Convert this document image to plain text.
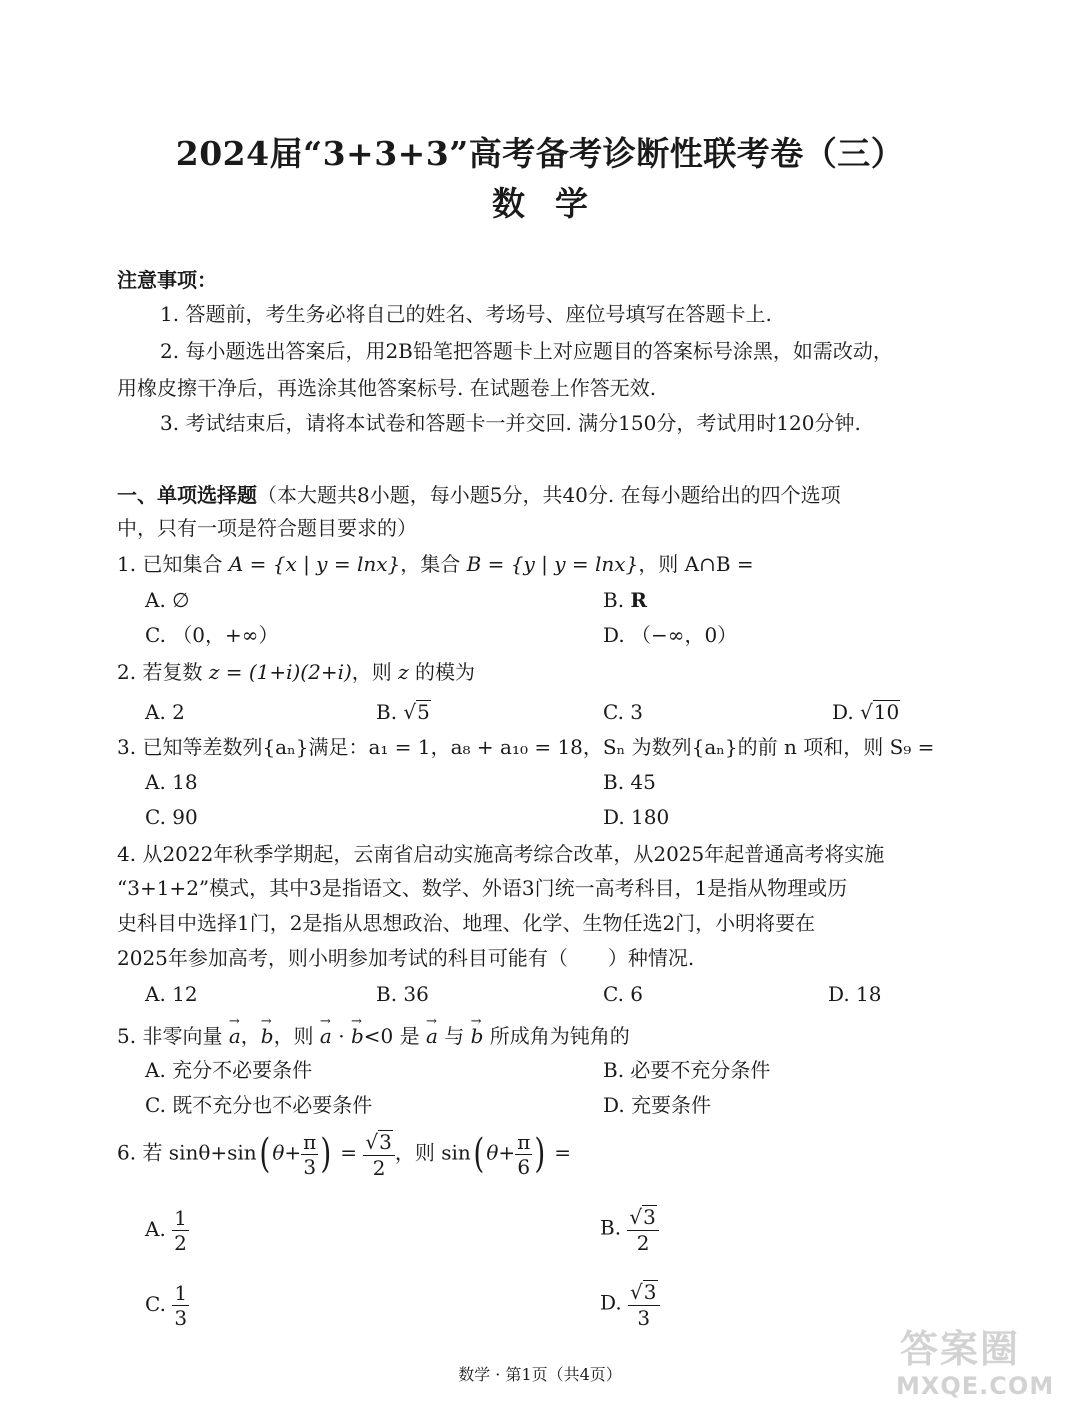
2024届“3+3+3”高考备考诊断性联考卷（三）
数学
注意事项：
1. 答题前，考生务必将自己的姓名、考场号、座位号填写在答题卡上.
2. 每小题选出答案后，用2B铅笔把答题卡上对应题目的答案标号涂黑，如需改动，
用橡皮擦干净后，再选涂其他答案标号. 在试题卷上作答无效.
3. 考试结束后，请将本试卷和答题卡一并交回. 满分150分，考试用时120分钟.
一、单项选择题（本大题共8小题，每小题5分，共40分. 在每小题给出的四个选项
中，只有一项是符合题目要求的）
1. 已知集合 A = {x | y = lnx}，集合 B = {y | y = lnx}，则 A∩B =
A. ∅	B. R
C. （0，+∞）	D. （−∞，0）
2. 若复数 z = (1+i)(2+i)，则 z 的模为
A. 2	B. √5	C. 3	D. √10
3. 已知等差数列{aₙ}满足：a₁ = 1，a₈ + a₁₀ = 18，Sₙ 为数列{aₙ}的前 n 项和，则 S₉ =
A. 18	B. 45
C. 90	D. 180
4. 从2022年秋季学期起，云南省启动实施高考综合改革，从2025年起普通高考将实施
“3+1+2”模式，其中3是指语文、数学、外语3门统一高考科目，1是指从物理或历
史科目中选择1门，2是指从思想政治、地理、化学、生物任选2门，小明将要在
2025年参加高考，则小明参加考试的科目可能有（　　）种情况.
A. 12	B. 36	C. 6	D. 18
5. 非零向量 → a，→ b，则 → a · → b<0 是 → a 与 → b 所成角为钝角的
A. 充分不必要条件	B. 必要不充分条件
C. 既不充分也不必要条件	D. 充要条件
6. 若 sinθ+sin( $\theta+ \frac{\pi}{3}$ ) = $\frac{√3}{2}$ ，则 sin( $\theta+ \frac{\pi}{6}$ ) =
A. $\frac{1}{2}$	B. $\frac{√3}{2}$
C. $\frac{1}{3}$	D. $\frac{√3}{3}$
数学 · 第1页（共4页）
答案圈
MXQE.COM
